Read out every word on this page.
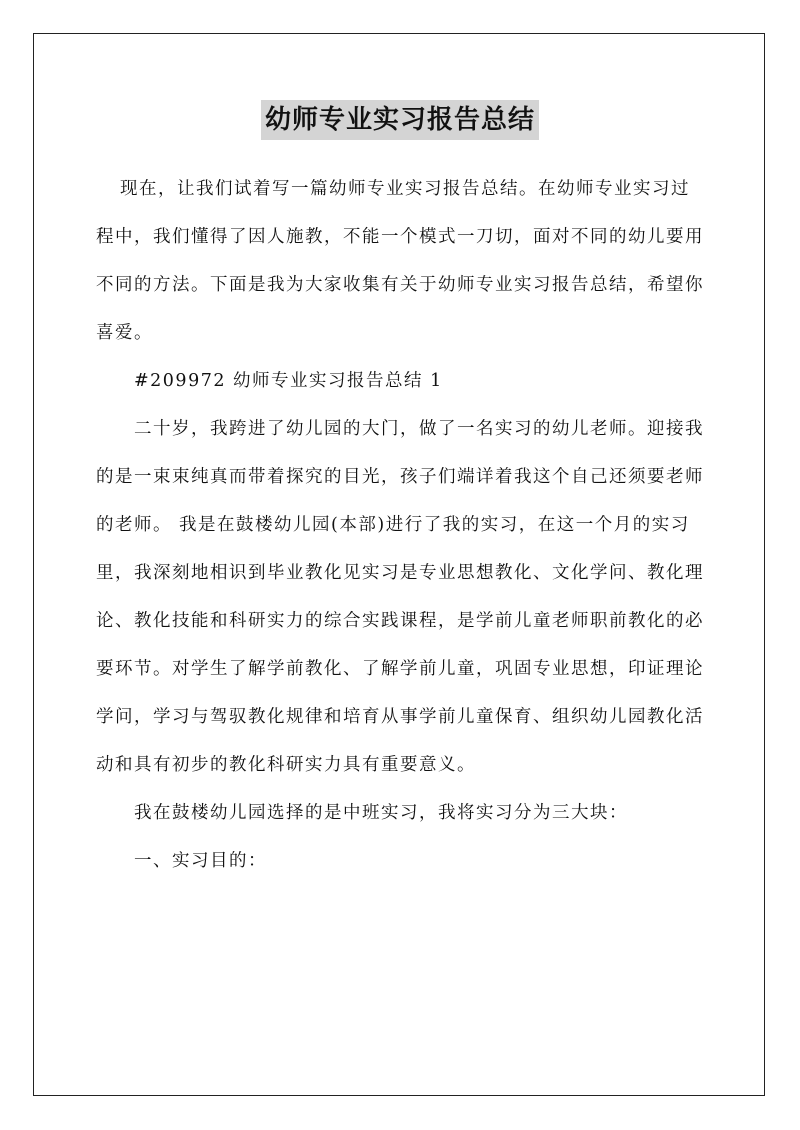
幼师专业实习报告总结

现在，让我们试着写一篇幼师专业实习报告总结。在幼师专业实习过程中，我们懂得了因人施教，不能一个模式一刀切，面对不同的幼儿要用不同的方法。下面是我为大家收集有关于幼师专业实习报告总结，希望你喜爱。

#209972 幼师专业实习报告总结 1

二十岁，我跨进了幼儿园的大门，做了一名实习的幼儿老师。迎接我的是一束束纯真而带着探究的目光，孩子们端详着我这个自己还须要老师的老师。 我是在鼓楼幼儿园(本部)进行了我的实习，在这一个月的实习里，我深刻地相识到毕业教化见实习是专业思想教化、文化学问、教化理论、教化技能和科研实力的综合实践课程，是学前儿童老师职前教化的必要环节。对学生了解学前教化、了解学前儿童，巩固专业思想，印证理论学问，学习与驾驭教化规律和培育从事学前儿童保育、组织幼儿园教化活动和具有初步的教化科研实力具有重要意义。

我在鼓楼幼儿园选择的是中班实习，我将实习分为三大块：

一、实习目的：
